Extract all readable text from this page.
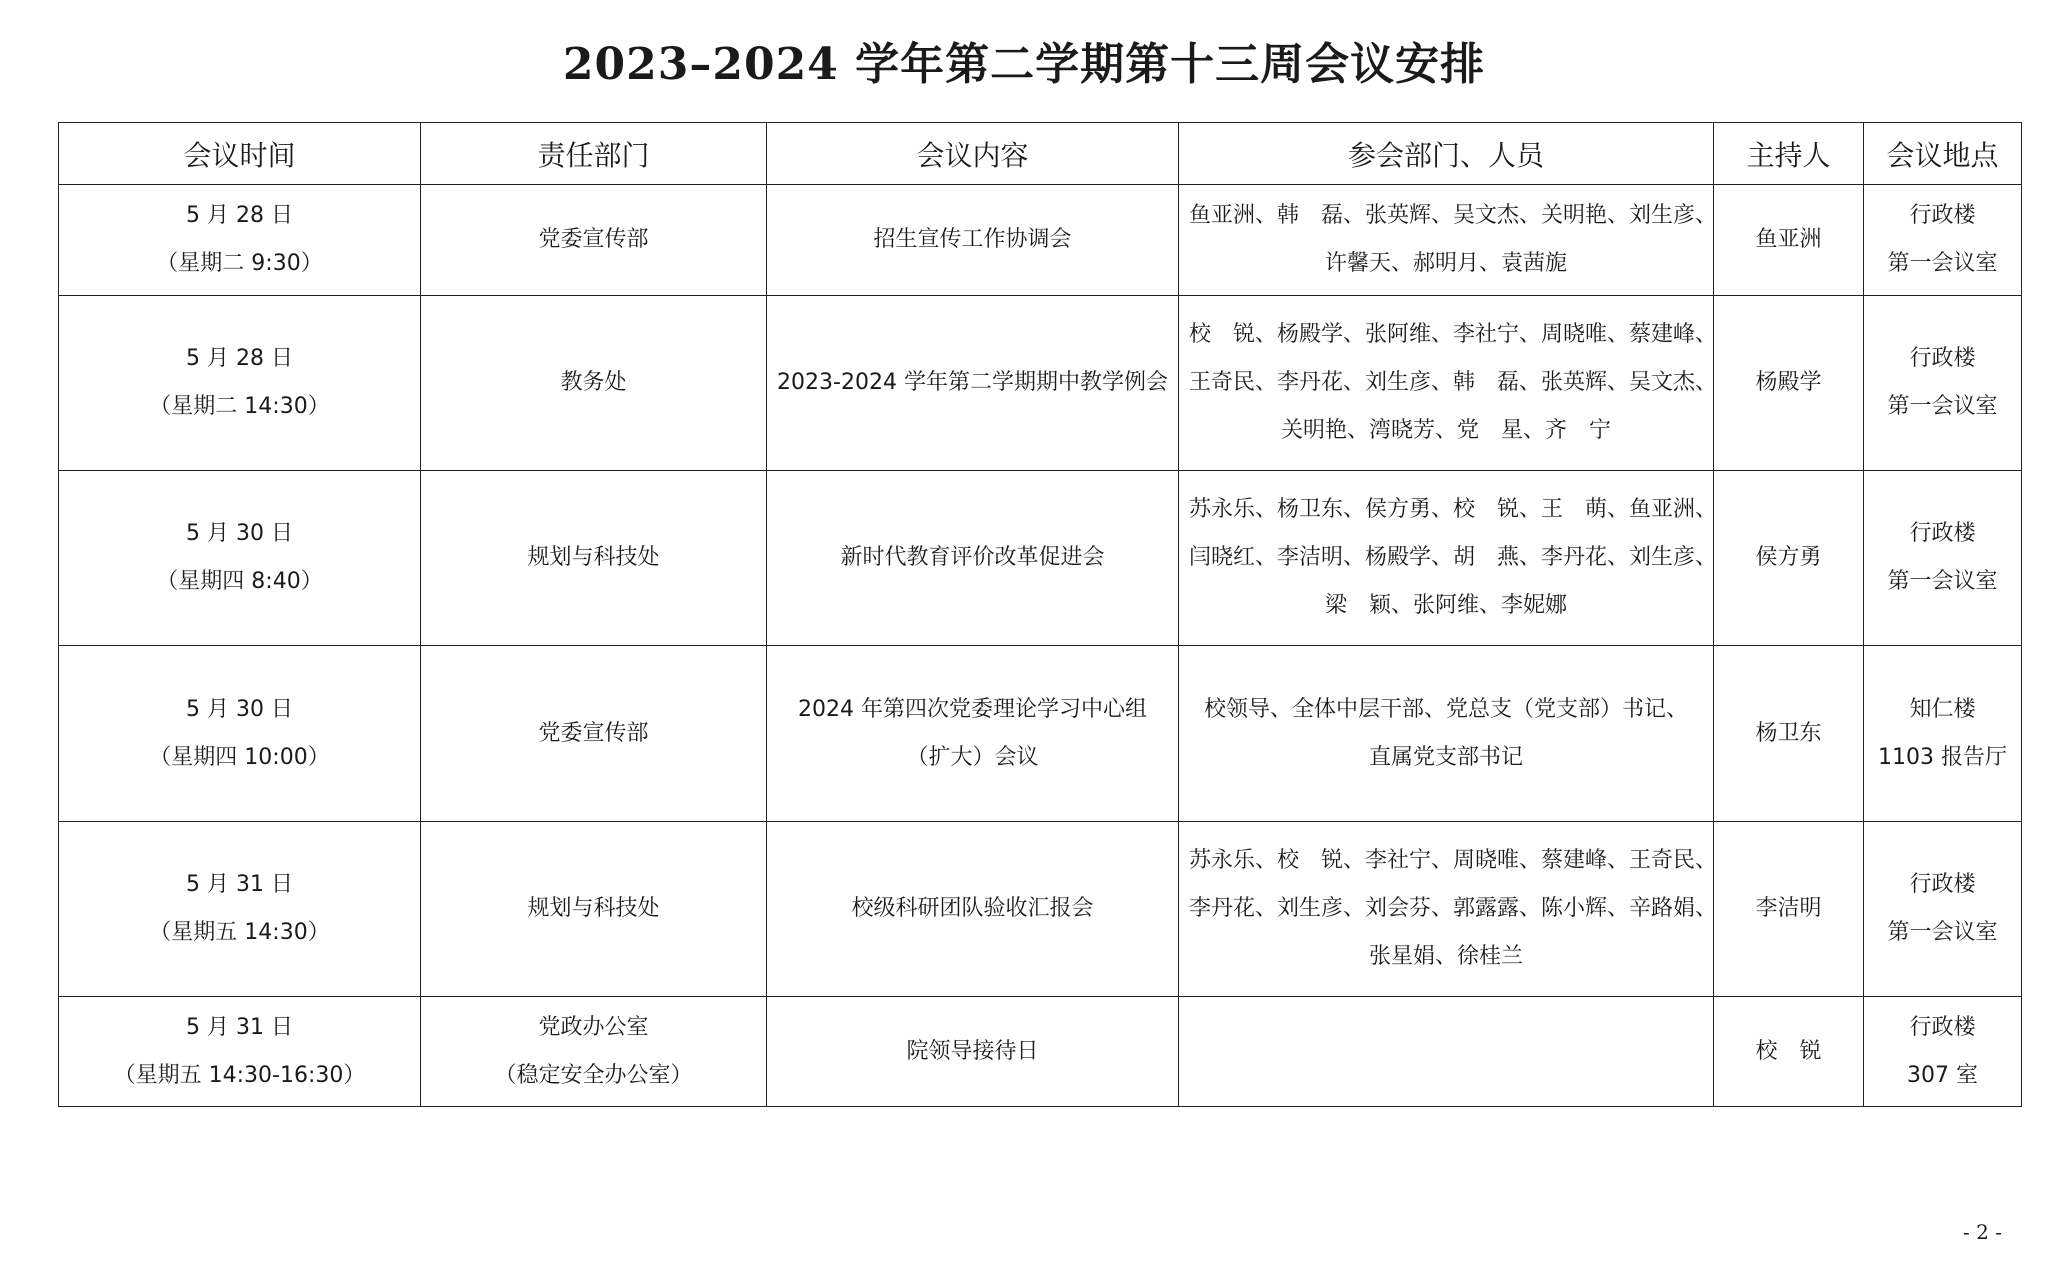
2023–2024 学年第二学期第十三周会议安排
会议时间	责任部门	会议内容	参会部门、人员	主持人	会议地点

5 月 28 日
（星期二 9:30）	党委宣传部	招生宣传工作协调会	鱼亚洲、韩　磊、张英辉、吴文杰、关明艳、刘生彦、
许馨天、郝明月、袁茜旎	鱼亚洲	行政楼
第一会议室

5 月 28 日
（星期二 14:30）	教务处	2023-2024 学年第二学期期中教学例会	校　锐、杨殿学、张阿维、李社宁、周晓唯、蔡建峰、
王奇民、李丹花、刘生彦、韩　磊、张英辉、吴文杰、
关明艳、湾晓芳、党　星、齐　宁	杨殿学	行政楼
第一会议室

5 月 30 日
（星期四 8:40）	规划与科技处	新时代教育评价改革促进会	苏永乐、杨卫东、侯方勇、校　锐、王　萌、鱼亚洲、
闫晓红、李洁明、杨殿学、胡　燕、李丹花、刘生彦、
梁　颖、张阿维、李妮娜	侯方勇	行政楼
第一会议室

5 月 30 日
（星期四 10:00）	党委宣传部	2024 年第四次党委理论学习中心组
（扩大）会议	校领导、全体中层干部、党总支（党支部）书记、
直属党支部书记	杨卫东	知仁楼
1103 报告厅

5 月 31 日
（星期五 14:30）	规划与科技处	校级科研团队验收汇报会	苏永乐、校　锐、李社宁、周晓唯、蔡建峰、王奇民、
李丹花、刘生彦、刘会芬、郭露露、陈小辉、辛路娟、
张星娟、徐桂兰	李洁明	行政楼
第一会议室

5 月 31 日
（星期五 14:30-16:30）	党政办公室
（稳定安全办公室）	院领导接待日		校　锐	行政楼
307 室
- 2 -
